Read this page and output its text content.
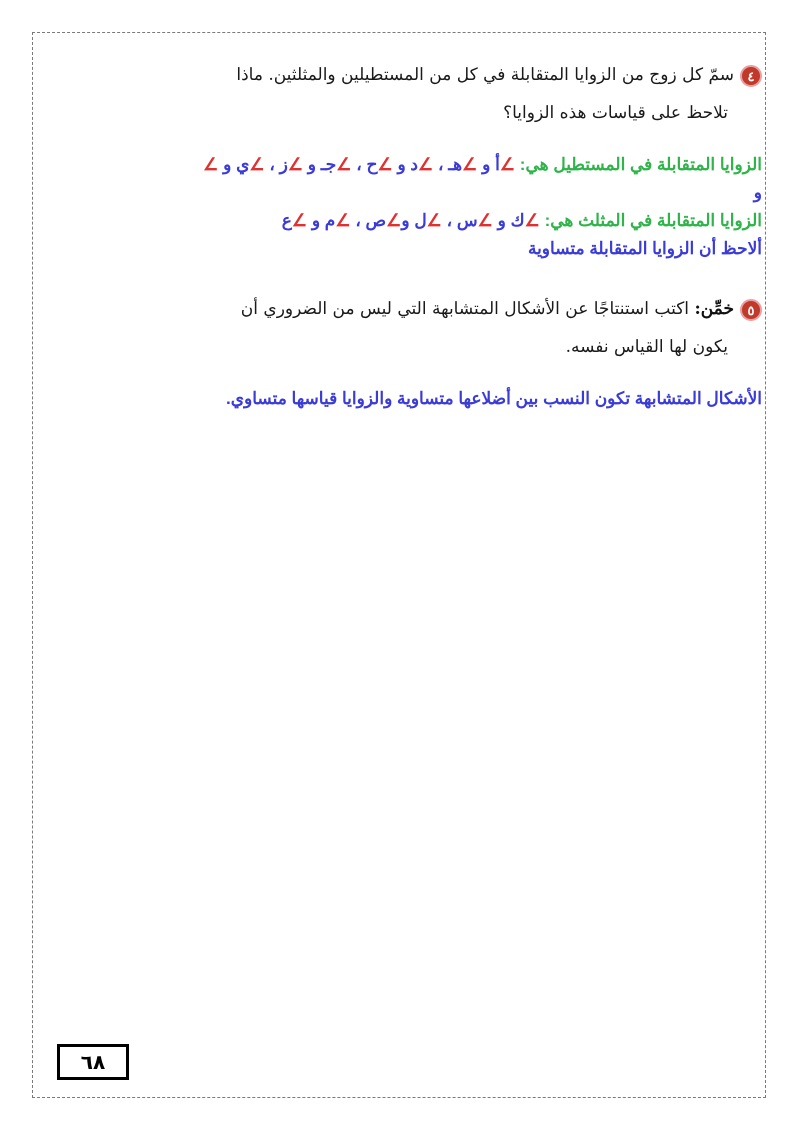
٤سمّ كل زوج من الزوايا المتقابلة في كل من المستطيلين والمثلثين. ماذا
تلاحظ على قياسات هذه الزوايا؟
الزوايا المتقابلة في المستطيل هي: ∠أ و ∠هـ ، ∠د و ∠ح ، ∠جـ و ∠ز ، ∠ي و ∠
و
الزوايا المتقابلة في المثلث هي: ∠ك و ∠س ، ∠ل و∠ص ، ∠م و ∠ع
ألاحظ أن الزوايا المتقابلة متساوية
٥خمِّن: اكتب استنتاجًا عن الأشكال المتشابهة التي ليس من الضروري أن
يكون لها القياس نفسه.
الأشكال المتشابهة تكون النسب بين أضلاعها متساوية والزوايا قياسها متساوي.
٦٨
